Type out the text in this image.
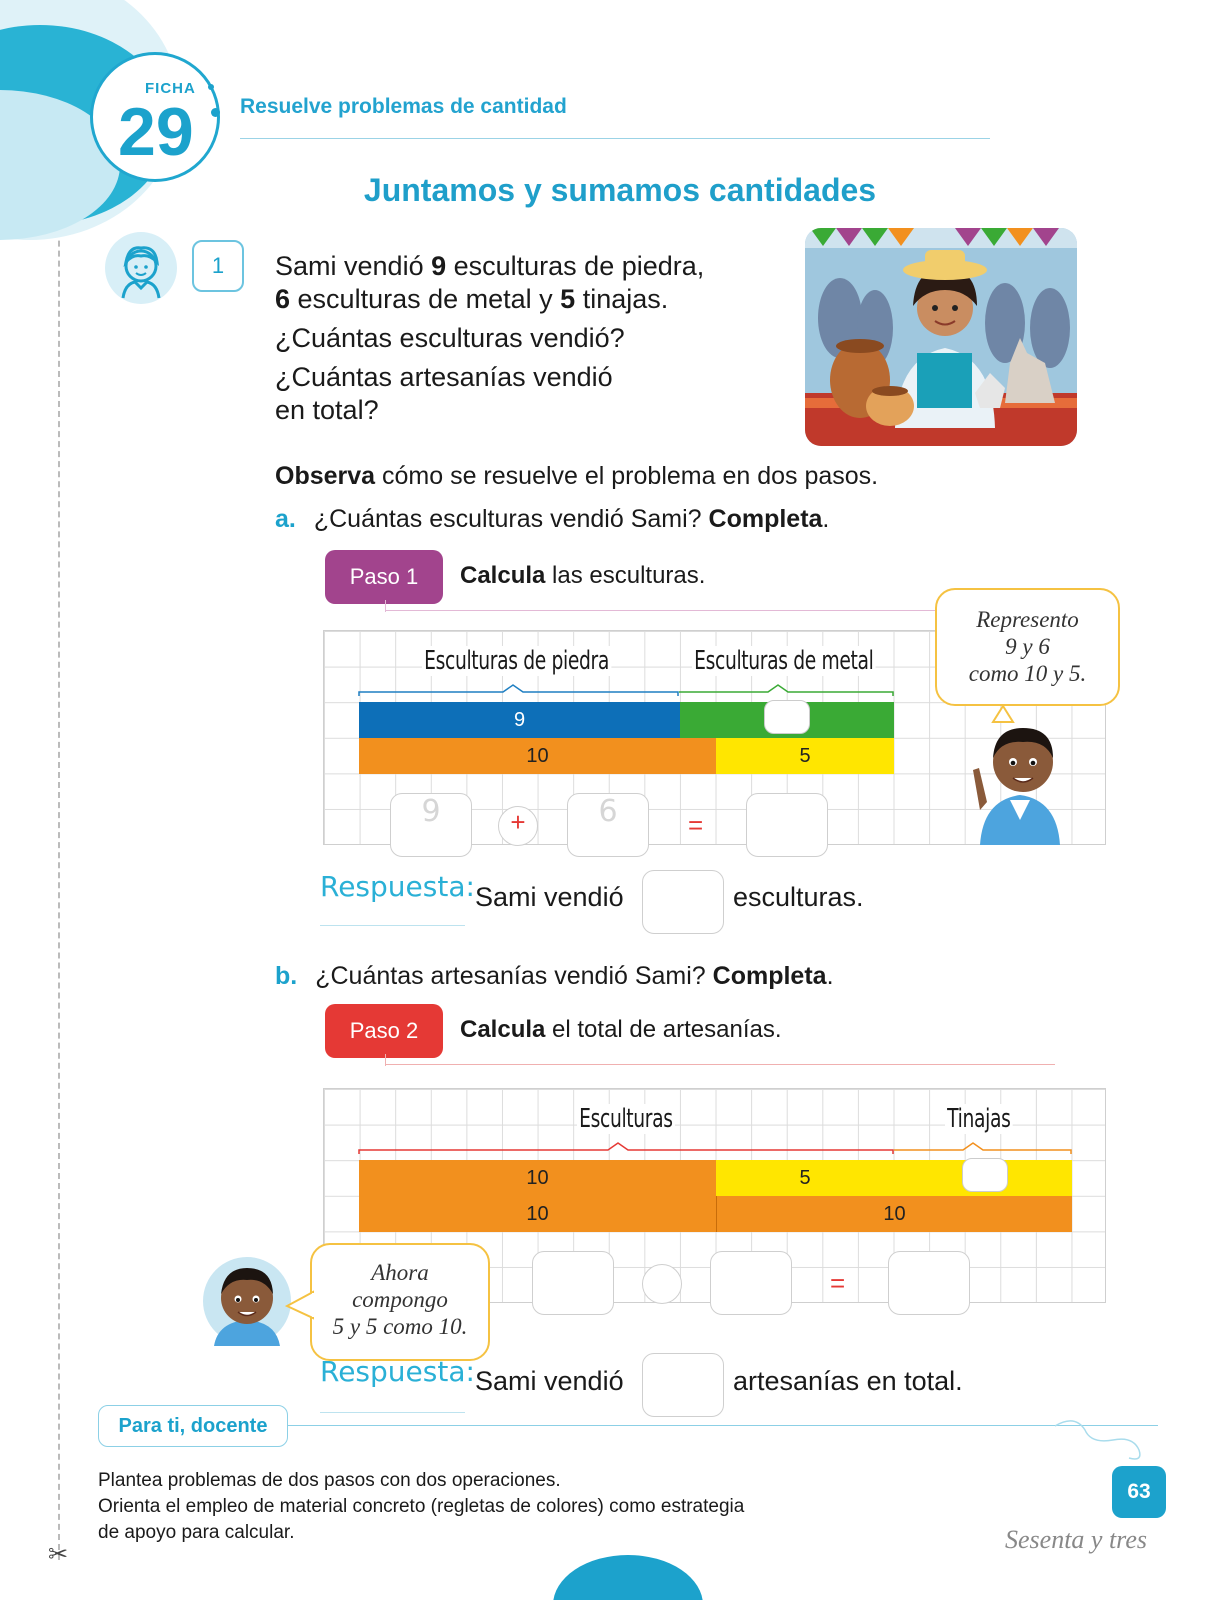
✂
FICHA
29 Resuelve problemas de cantidad
Juntamos y sumamos cantidades
1	Sami vendió 9 esculturas de piedra,
6 esculturas de metal y 5 tinajas.
¿Cuántas esculturas vendió?
¿Cuántas artesanías vendió
en total?
Observa cómo se resuelve el problema en dos pasos.
a. ¿Cuántas esculturas vendió Sami? Completa.
Paso 1	Calcula las esculturas.
Esculturas de piedra	Esculturas de metal
9
10	5
9	+	6	=
Represento
9 y 6
como 10 y 5.
Respuesta: Sami vendió	esculturas.
b. ¿Cuántas artesanías vendió Sami? Completa.
Paso 2	Calcula el total de artesanías.
Esculturas	Tinajas
10	5
10	10
=
Ahora
compongo
5 y 5 como 10.
Respuesta: Sami vendió	artesanías en total.
Para ti, docente
Plantea problemas de dos pasos con dos operaciones.
Orienta el empleo de material concreto (regletas de colores) como estrategia
de apoyo para calcular.
63
Sesenta y tres
